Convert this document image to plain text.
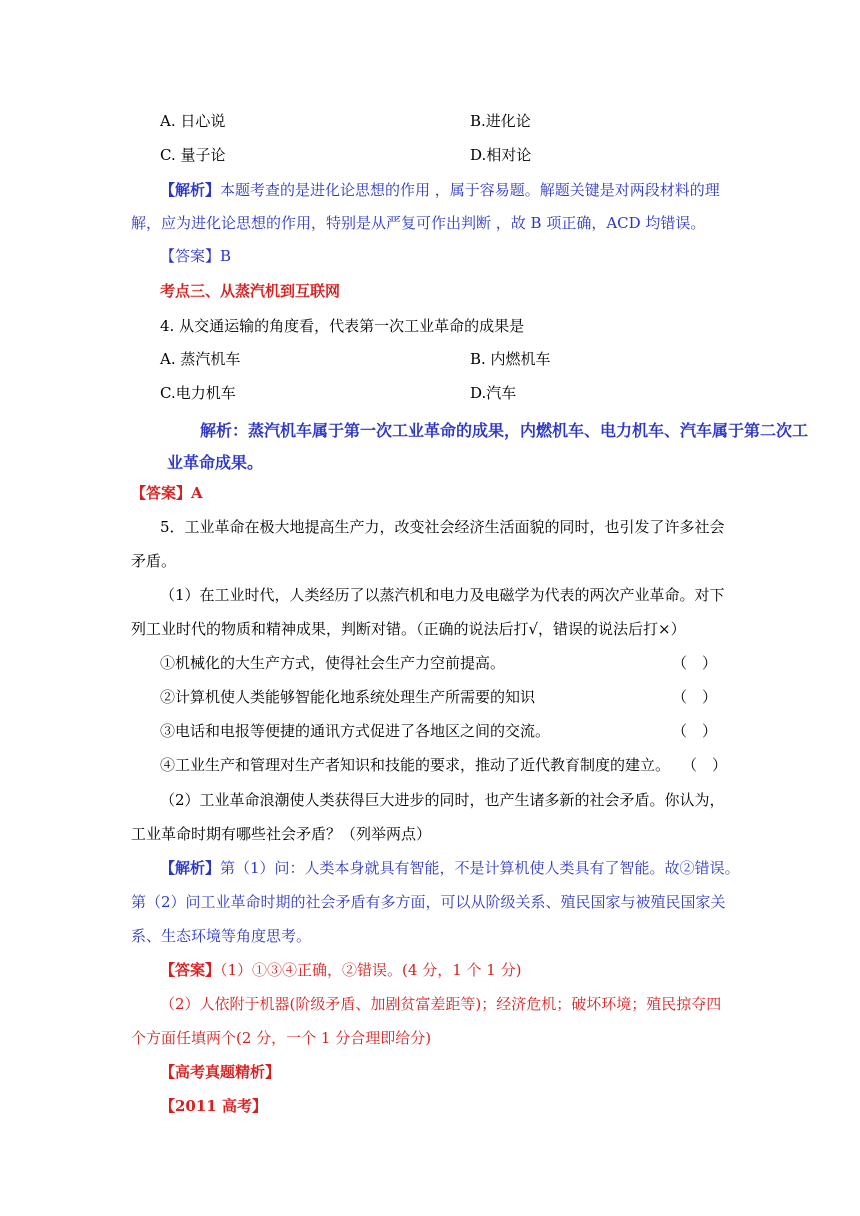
A. 日心说	B.进化论
C. 量子论	D.相对论
【解析】本题考查的是进化论思想的作用 ，属于容易题。解题关键是对两段材料的理
解，应为进化论思想的作用，特别是从严复可作出判断 ，故 B 项正确，ACD 均错误。
【答案】B
考点三、从蒸汽机到互联网
4. 从交通运输的角度看，代表第一次工业革命的成果是
A. 蒸汽机车	B. 内燃机车
C.电力机车	D.汽车
解析：蒸汽机车属于第一次工业革命的成果，内燃机车、电力机车、汽车属于第二次工
业革命成果。
【答案】A
5．工业革命在极大地提高生产力，改变社会经济生活面貌的同时，也引发了许多社会
矛盾。
（1）在工业时代，人类经历了以蒸汽机和电力及电磁学为代表的两次产业革命。对下
列工业时代的物质和精神成果，判断对错。（正确的说法后打√，错误的说法后打×）
①机械化的大生产方式，使得社会生产力空前提高。	（　）
②计算机使人类能够智能化地系统处理生产所需要的知识	（　）
③电话和电报等便捷的通讯方式促进了各地区之间的交流。	（　）
④工业生产和管理对生产者知识和技能的要求，推动了近代教育制度的建立。 （　）
（2）工业革命浪潮使人类获得巨大进步的同时，也产生诸多新的社会矛盾。你认为，
工业革命时期有哪些社会矛盾？（列举两点）
【解析】第（1）问：人类本身就具有智能，不是计算机使人类具有了智能。故②错误。
第（2）问工业革命时期的社会矛盾有多方面，可以从阶级关系、殖民国家与被殖民国家关
系、生态环境等角度思考。
【答案】（1）①③④正确，②错误。(4 分，1 个 1 分)
（2）人依附于机器(阶级矛盾、加剧贫富差距等)；经济危机；破坏环境；殖民掠夺四
个方面任填两个(2 分，一个 1 分合理即给分)
【高考真题精析】
【2011 高考】
